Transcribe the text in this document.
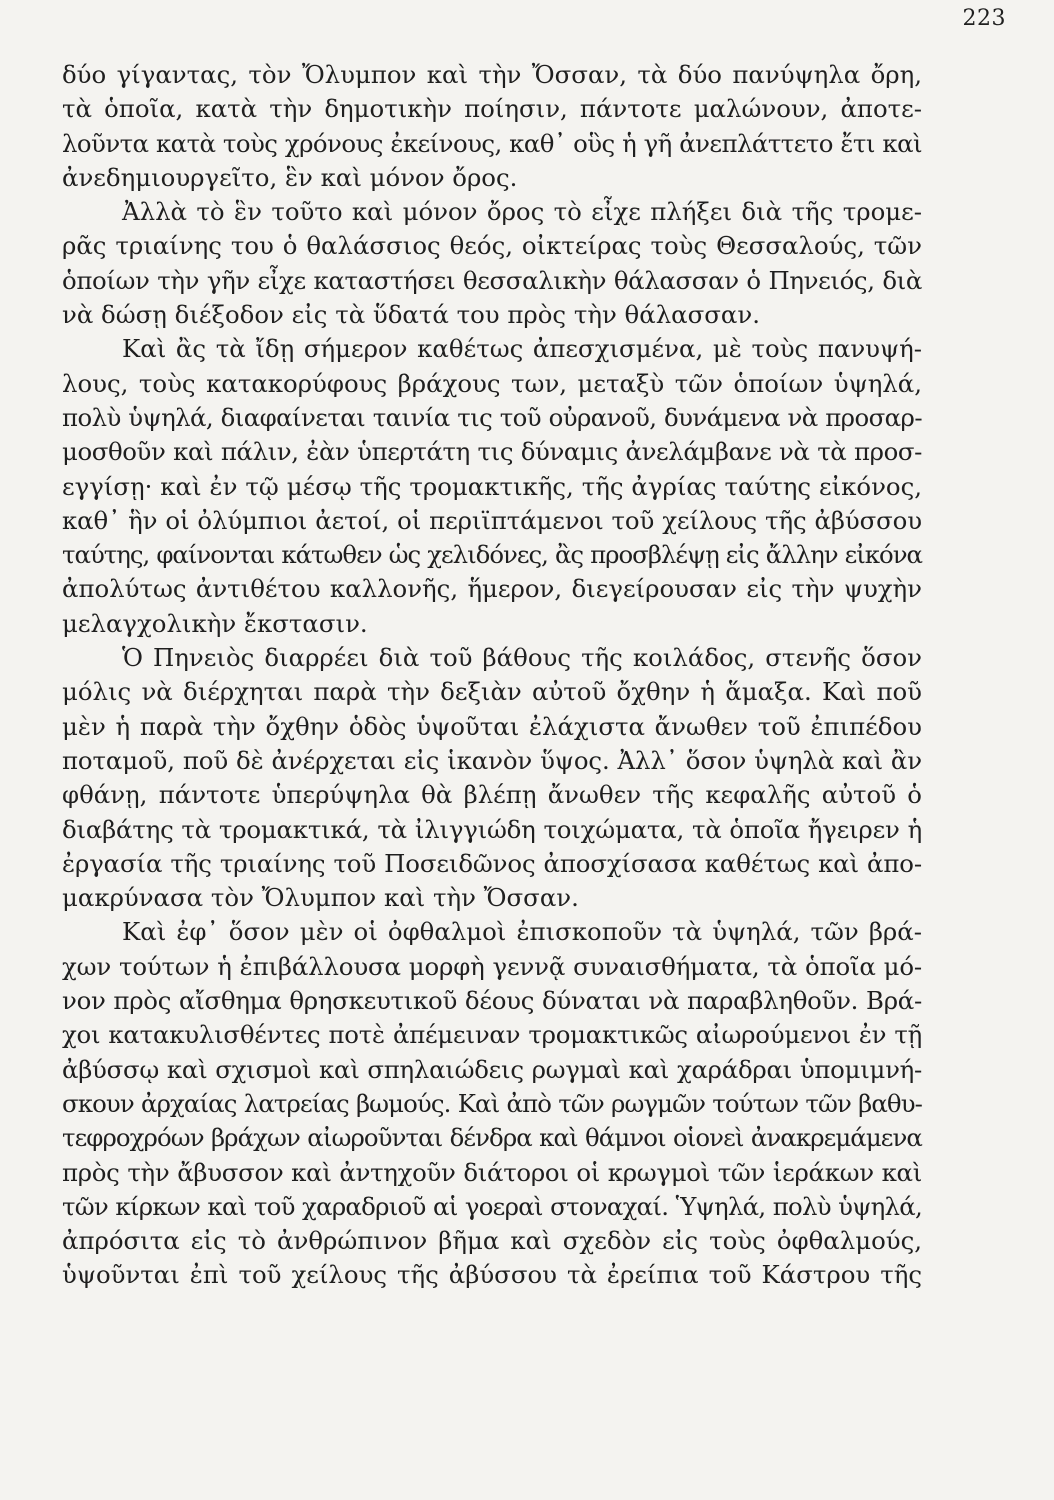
223
δύο γίγαντας, τὸν Ὄλυμπον καὶ τὴν Ὄσσαν, τὰ δύο πανύψηλα ὄρη,
τὰ ὁποῖα, κατὰ τὴν δημοτικὴν ποίησιν, πάντοτε μαλώνουν, ἀποτε-
λοῦντα κατὰ τοὺς χρόνους ἐκείνους, καθ᾽ οὓς ἡ γῆ ἀνεπλάττετο ἔτι καὶ
ἀνεδημιουργεῖτο, ἓν καὶ μόνον ὄρος.
Ἀλλὰ τὸ ἓν τοῦτο καὶ μόνον ὄρος τὸ εἶχε πλήξει διὰ τῆς τρομε-
ρᾶς τριαίνης του ὁ θαλάσσιος θεός, οἰκτείρας τοὺς Θεσσαλούς, τῶν
ὁποίων τὴν γῆν εἶχε καταστήσει θεσσαλικὴν θάλασσαν ὁ Πηνειός, διὰ
νὰ δώσῃ διέξοδον εἰς τὰ ὕδατά του πρὸς τὴν θάλασσαν.
Καὶ ἂς τὰ ἴδῃ σήμερον καθέτως ἀπεσχισμένα, μὲ τοὺς πανυψή-
λους, τοὺς κατακορύφους βράχους των, μεταξὺ τῶν ὁποίων ὑψηλά,
πολὺ ὑψηλά, διαφαίνεται ταινία τις τοῦ οὐρανοῦ, δυνάμενα νὰ προσαρ-
μοσθοῦν καὶ πάλιν, ἐὰν ὑπερτάτη τις δύναμις ἀνελάμβανε νὰ τὰ προσ-
εγγίσῃ· καὶ ἐν τῷ μέσῳ τῆς τρομακτικῆς, τῆς ἀγρίας ταύτης εἰκόνος,
καθ᾽ ἣν οἱ ὀλύμπιοι ἀετοί, οἱ περιϊπτάμενοι τοῦ χείλους τῆς ἀβύσσου
ταύτης, φαίνονται κάτωθεν ὡς χελιδόνες, ἂς προσβλέψῃ εἰς ἄλλην εἰκόνα
ἀπολύτως ἀντιθέτου καλλονῆς, ἥμερον, διεγείρουσαν εἰς τὴν ψυχὴν
μελαγχολικὴν ἔκστασιν.
Ὁ Πηνειὸς διαρρέει διὰ τοῦ βάθους τῆς κοιλάδος, στενῆς ὅσον
μόλις νὰ διέρχηται παρὰ τὴν δεξιὰν αὐτοῦ ὄχθην ἡ ἅμαξα. Καὶ ποῦ
μὲν ἡ παρὰ τὴν ὄχθην ὁδὸς ὑψοῦται ἐλάχιστα ἄνωθεν τοῦ ἐπιπέδου
ποταμοῦ, ποῦ δὲ ἀνέρχεται εἰς ἱκανὸν ὕψος. Ἀλλ᾽ ὅσον ὑψηλὰ καὶ ἂν
φθάνῃ, πάντοτε ὑπερύψηλα θὰ βλέπῃ ἄνωθεν τῆς κεφαλῆς αὐτοῦ ὁ
διαβάτης τὰ τρομακτικά, τὰ ἰλιγγιώδη τοιχώματα, τὰ ὁποῖα ἤγειρεν ἡ
ἐργασία τῆς τριαίνης τοῦ Ποσειδῶνος ἀποσχίσασα καθέτως καὶ ἀπο-
μακρύνασα τὸν Ὄλυμπον καὶ τὴν Ὄσσαν.
Καὶ ἐφ᾽ ὅσον μὲν οἱ ὀφθαλμοὶ ἐπισκοποῦν τὰ ὑψηλά, τῶν βρά-
χων τούτων ἡ ἐπιβάλλουσα μορφὴ γεννᾷ συναισθήματα, τὰ ὁποῖα μό-
νον πρὸς αἴσθημα θρησκευτικοῦ δέους δύναται νὰ παραβληθοῦν. Βρά-
χοι κατακυλισθέντες ποτὲ ἀπέμειναν τρομακτικῶς αἰωρούμενοι ἐν τῇ
ἀβύσσῳ καὶ σχισμοὶ καὶ σπηλαιώδεις ρωγμαὶ καὶ χαράδραι ὑπομιμνή-
σκουν ἀρχαίας λατρείας βωμούς. Καὶ ἀπὸ τῶν ρωγμῶν τούτων τῶν βαθυ-
τεφροχρόων βράχων αἰωροῦνται δένδρα καὶ θάμνοι οἱονεὶ ἀνακρεμάμενα
πρὸς τὴν ἄβυσσον καὶ ἀντηχοῦν διάτοροι οἱ κρωγμοὶ τῶν ἱεράκων καὶ
τῶν κίρκων καὶ τοῦ χαραδριοῦ αἱ γοεραὶ στοναχαί. Ὑψηλά, πολὺ ὑψηλά,
ἀπρόσιτα εἰς τὸ ἀνθρώπινον βῆμα καὶ σχεδὸν εἰς τοὺς ὀφθαλμούς,
ὑψοῦνται ἐπὶ τοῦ χείλους τῆς ἀβύσσου τὰ ἐρείπια τοῦ Κάστρου τῆς
